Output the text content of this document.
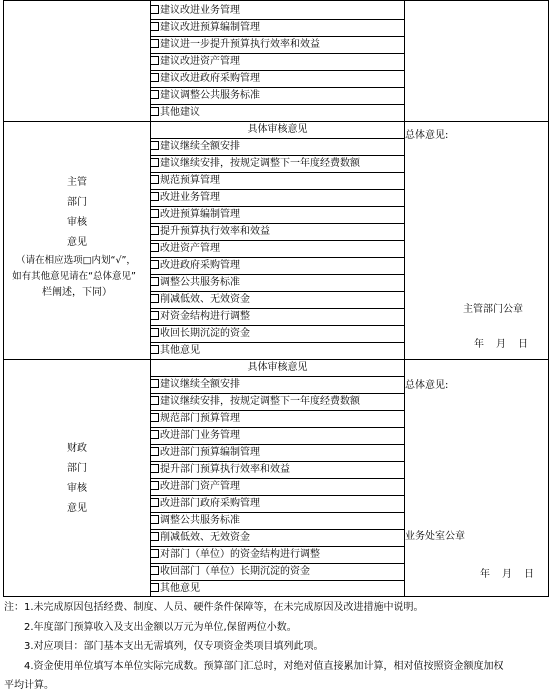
建议改进业务管理
建议改进预算编制管理
建议进一步提升预算执行效率和效益
建议改进资产管理
建议改进政府采购管理
建议调整公共服务标准
其他建议
具体审核意见
建议继续全额安排
建议继续安排，按规定调整下一年度经费数额
规范预算管理
改进业务管理
改进预算编制管理
提升预算执行效率和效益
改进资产管理
改进政府采购管理
调整公共服务标准
削减低效、无效资金
对资金结构进行调整
收回长期沉淀的资金
其他意见
主管
部门
审核
意见
（请在相应选项□内划“√”，
如有其他意见请在“总体意见”
栏阐述，下同）
总体意见:
主管部门公章
年　月　日
具体审核意见
建议继续全额安排
建议继续安排，按规定调整下一年度经费数额
规范部门预算管理
改进部门业务管理
改进部门预算编制管理
提升部门预算执行效率和效益
改进部门资产管理
改进部门政府采购管理
调整公共服务标准
削减低效、无效资金
对部门（单位）的资金结构进行调整
收回部门（单位）长期沉淀的资金
其他意见
财政
部门
审核
意见
总体意见:
业务处室公章
年　月　日
注：1.未完成原因包括经费、制度、人员、硬件条件保障等，在未完成原因及改进措施中说明。
　　2.年度部门预算收入及支出金额以万元为单位,保留两位小数。
　　3.对应项目：部门基本支出无需填列，仅专项资金类项目填列此项。
　　4.资金使用单位填写本单位实际完成数。预算部门汇总时，对绝对值直接累加计算，相对值按照资金额度加权
平均计算。
